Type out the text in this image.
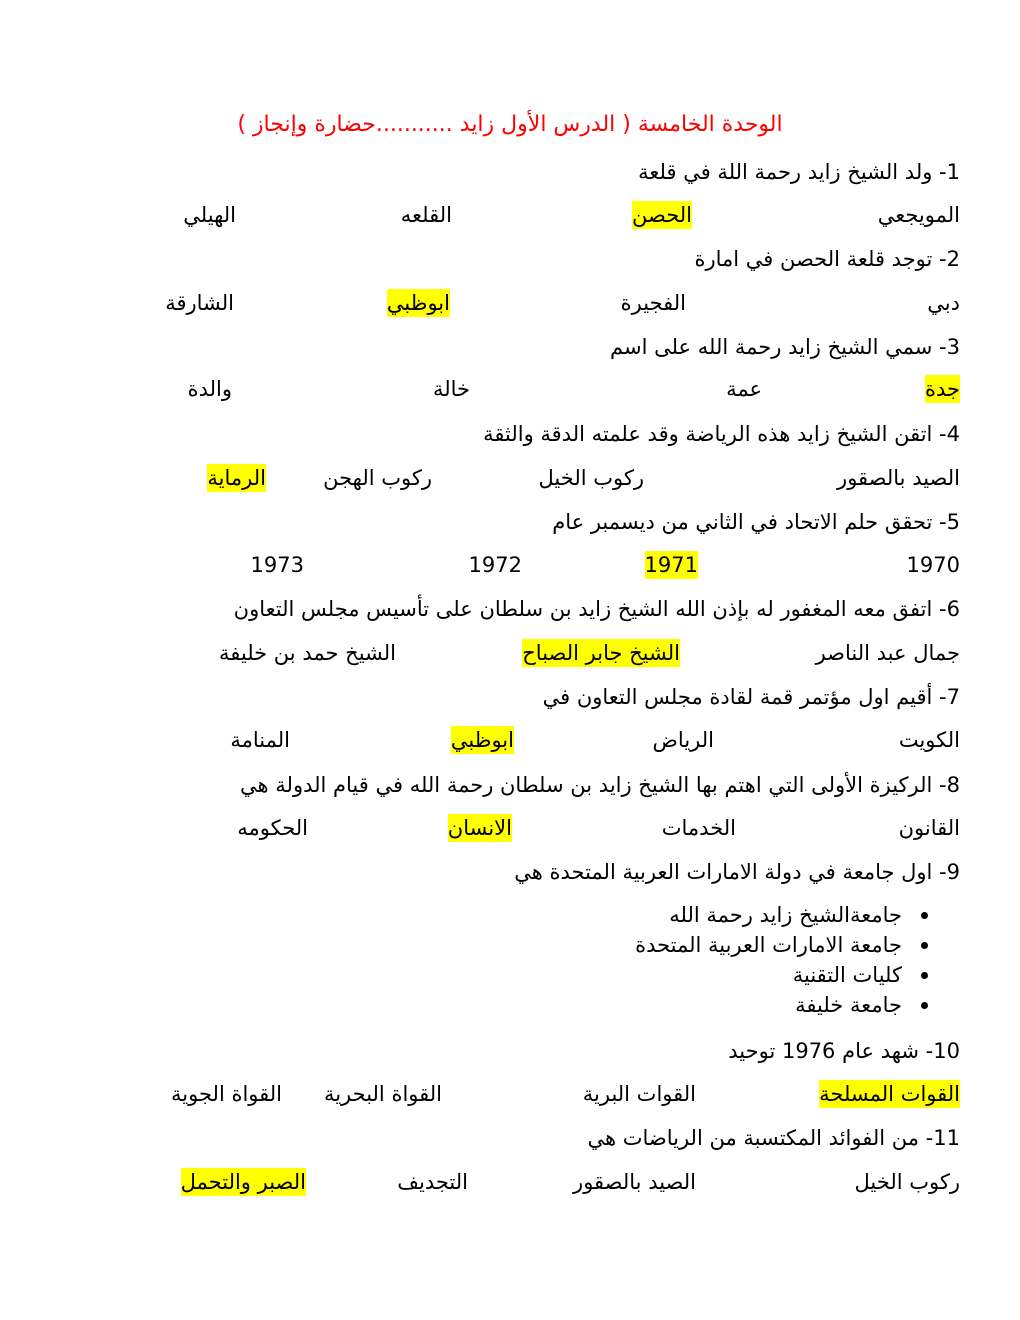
الوحدة الخامسة ( الدرس الأول زايد ...........حضارة وإنجاز )
1- ولد الشيخ زايد رحمة اللة في قلعة
المويجعي
الحصن
القلعه
الهيلي
2- توجد قلعة الحصن في امارة
دبي
الفجيرة
ابوظبي
الشارقة
3- سمي الشيخ زايد رحمة الله على اسم
جدة
عمة
خالة
والدة
4- اتقن الشيخ زايد هذه الرياضة وقد علمته الدقة والثقة
الصيد بالصقور
ركوب الخيل
ركوب الهجن
الرماية
5- تحقق حلم الاتحاد في الثاني من ديسمبر عام
1970
1971
1972
1973
6- اتفق معه المغفور له بإذن الله الشيخ زايد بن سلطان على تأسيس مجلس التعاون
جمال عبد الناصر
الشيخ جابر الصباح
الشيخ حمد بن خليفة
7- أقيم اول مؤتمر قمة لقادة مجلس التعاون في
الكويت
الرياض
ابوظبي
المنامة
8- الركيزة الأولى التي اهتم بها الشيخ زايد بن سلطان رحمة الله في قيام الدولة هي
القانون
الخدمات
الانسان
الحكومه
9- اول جامعة في دولة الامارات العربية المتحدة هي
جامعةالشيخ زايد رحمة الله
جامعة الامارات العربية المتحدة
كليات التقنية
جامعة خليفة
10- شهد عام 1976 توحيد
القوات المسلحة
القوات البرية
القواة البحرية
القواة الجوية
11- من الفوائد المكتسبة من الرياضات هي
ركوب الخيل
الصيد بالصقور
التجديف
الصبر والتحمل
